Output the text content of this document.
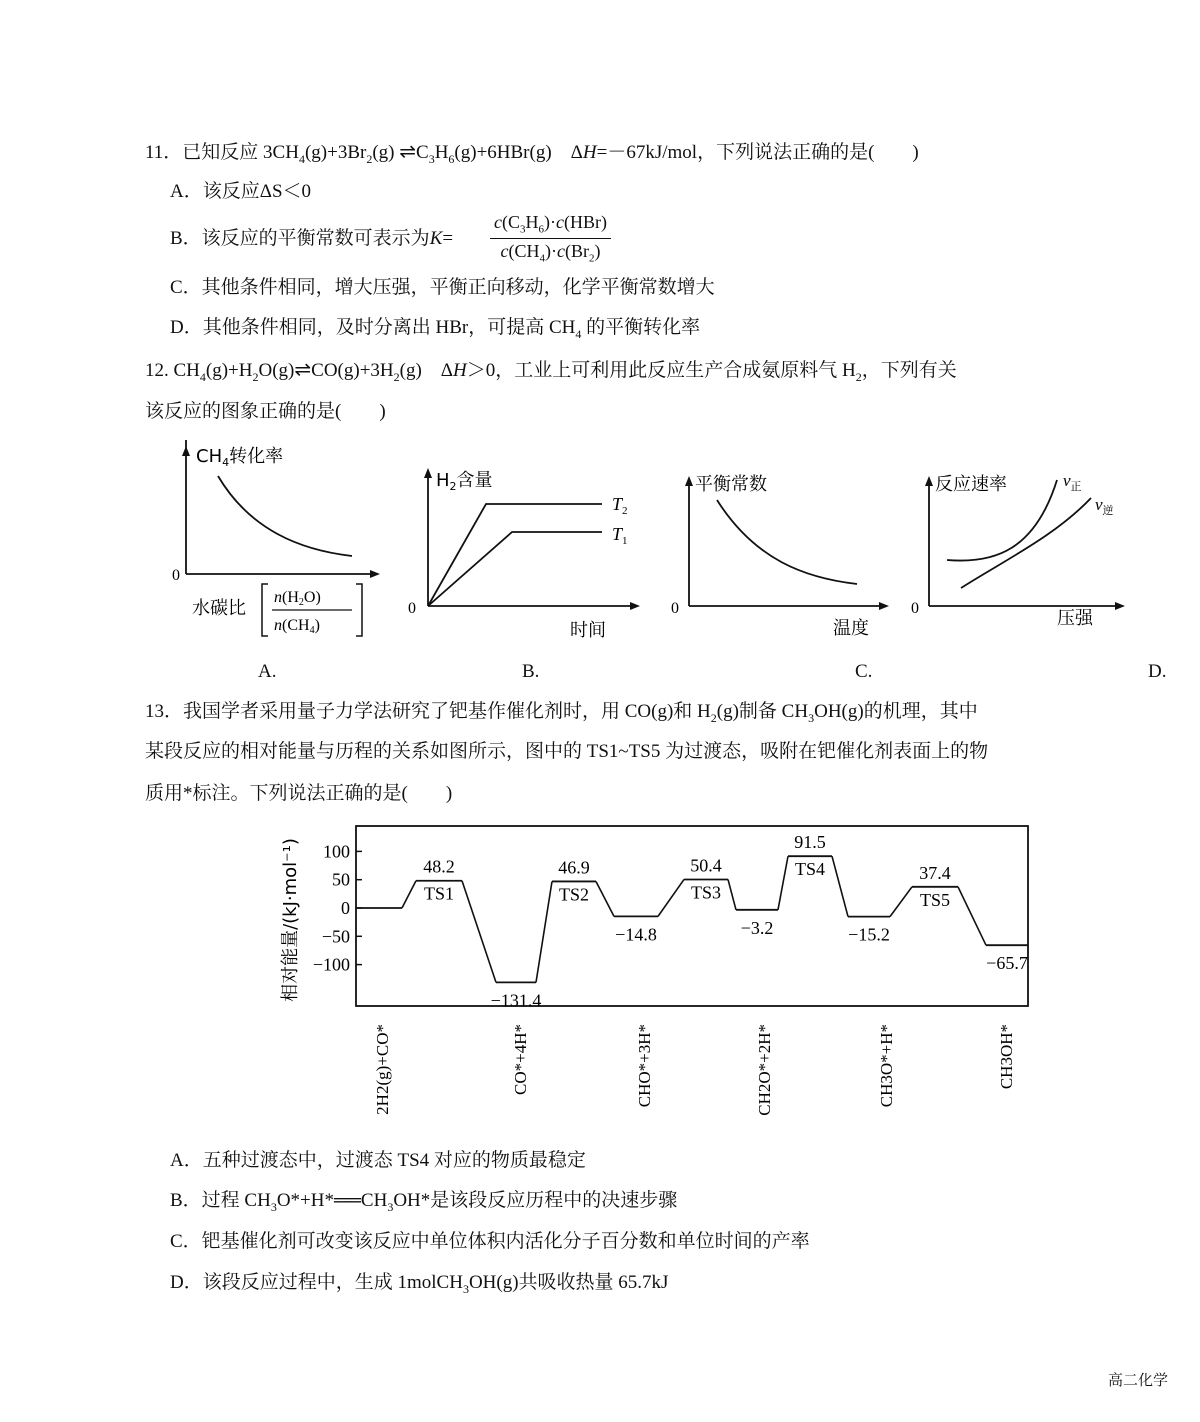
11．已知反应 $3CH_4(g)+3Br_2(g)$ $\rightleftharpoons C_3H_6(g)+6HBr(g)$　ΔH=－67kJ/mol，下列说法正确的是(　　)
A．该反应ΔS＜0
B．该反应的平衡常数可表示为K=
$c(C_3H_6)\cdot c(HBr)$
$c(CH_4)\cdot c(Br_2)$
C．其他条件相同，增大压强，平衡正向移动，化学平衡常数增大
D．其他条件相同，及时分离出 HBr，可提高 $CH_4$ 的平衡转化率
12. $CH_4(g)+H_2O(g)\rightleftharpoons CO(g)+3H_2(g)$　ΔH＞0，工业上可利用此反应生产合成氨原料气 $H_2$，下列有关
该反应的图象正确的是(　　)
$CH_4$转化率
0
水碳比
n(H2O)
n(CH4)
A.
$H_2$含量
$T_2$
$T_1$
0
时间
B.
平衡常数
0
温度
C.
反应速率	$v_正$
$v_逆$
0	压强
D.
13．我国学者采用量子力学法研究了钯基作催化剂时，用 CO(g)和 $H_2(g)$制备 $CH_3OH(g)$的机理，其中
某段反应的相对能量与历程的关系如图所示，图中的 TS1~TS5 为过渡态，吸附在钯催化剂表面上的物
质用*标注。下列说法正确的是(　　)
100
50
0
−50
−100
48.2
TS1
−131.4
46.9
TS2
−14.8
50.4
TS3
−3.2
91.5
TS4
−15.2
37.4
TS5
−65.7
2H2(g)+CO*	CO*+4H*	CHO*+3H*	CH2O*+2H*	CH3O*+H*	CH3OH*
相对能量/(kJ·mol⁻¹)
A．五种过渡态中，过渡态 TS4 对应的物质最稳定
B．过程 $CH_3O*+H*══CH_3OH*$是该段反应历程中的决速步骤
C．钯基催化剂可改变该反应中单位体积内活化分子百分数和单位时间的产率
D．该段反应过程中，生成 1molCH$_3$OH(g)共吸收热量 65.7kJ
高二化学
